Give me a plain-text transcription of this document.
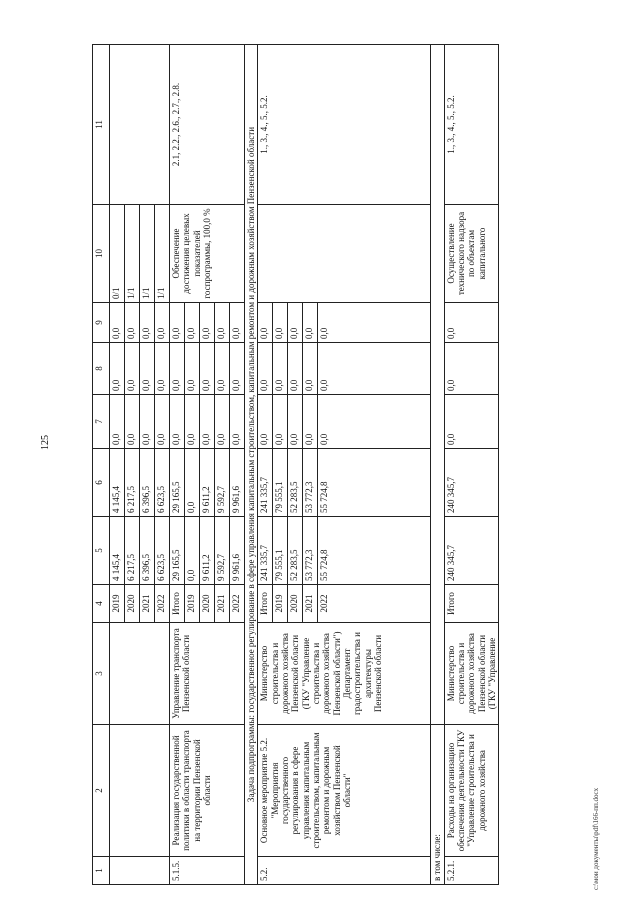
125
1	2	3	4	5	6	7	8	9	10	11
			2019	4 145,4	4 145,4	0,0	0,0	0,0	0/1	
			2020	6 217,5	6 217,5	0,0	0,0	0,0	1/1	
			2021	6 396,5	6 396,5	0,0	0,0	0,0	1/1	
			2022	6 623,5	6 623,5	0,0	0,0	0,0	1/1	
5.1.5.	Реализация государственной политики в области транспорта на территории Пензенской области	Управление транспорта Пензенской области	Итого	29 165,5	29 165,5	0,0	0,0	0,0	Обеспечение достижения целевых показателей госпрограммы, 100,0 %	2.1, 2.2., 2.6., 2.7., 2.8.
			2019	0,0	0,0	0,0	0,0	0,0		
			2020	9 611,2	9 611,2	0,0	0,0	0,0		
			2021	9 592,7	9 592,7	0,0	0,0	0,0		
			2022	9 961,6	9 961,6	0,0	0,0	0,0		
Задача подпрограммы: государственное регулирование в сфере управления капитальным строительством, капитальным ремонтом и дорожным хозяйством Пензенской области										
5.2.	Основное мероприятие 5.2. "Мероприятия государственного регулирования в сфере управления капитальным строительством, капитальным ремонтом и дорожным хозяйством Пензенской области"	Министерство строительства и дорожного хозяйства Пензенской области (ГКУ "Управление строительства и дорожного хозяйства Пензенской области") Департамент градостроительства и архитектуры Пензенской области	Итого	241 335,7	241 335,7	0,0	0,0	0,0		1., 3., 4., 5., 5.2.
			2019	79 555,1	79 555,1	0,0	0,0	0,0		
			2020	52 283,5	52 283,5	0,0	0,0	0,0		
			2021	53 772,3	53 772,3	0,0	0,0	0,0		
			2022	55 724,8	55 724,8	0,0	0,0	0,0		
в том числе:										
5.2.1.	Расходы на организацию обеспечения деятельности ГКУ "Управление строительства и дорожного хозяйства	Министерство строительства и дорожного хозяйства Пензенской области (ГКУ "Управление	Итого	240 345,7	240 345,7	0,0	0,0	0,0	Осуществление технического надзора по объектам капитального	1., 3., 4., 5., 5.2.
c:\мои документы\pdf\166-пп.docx
